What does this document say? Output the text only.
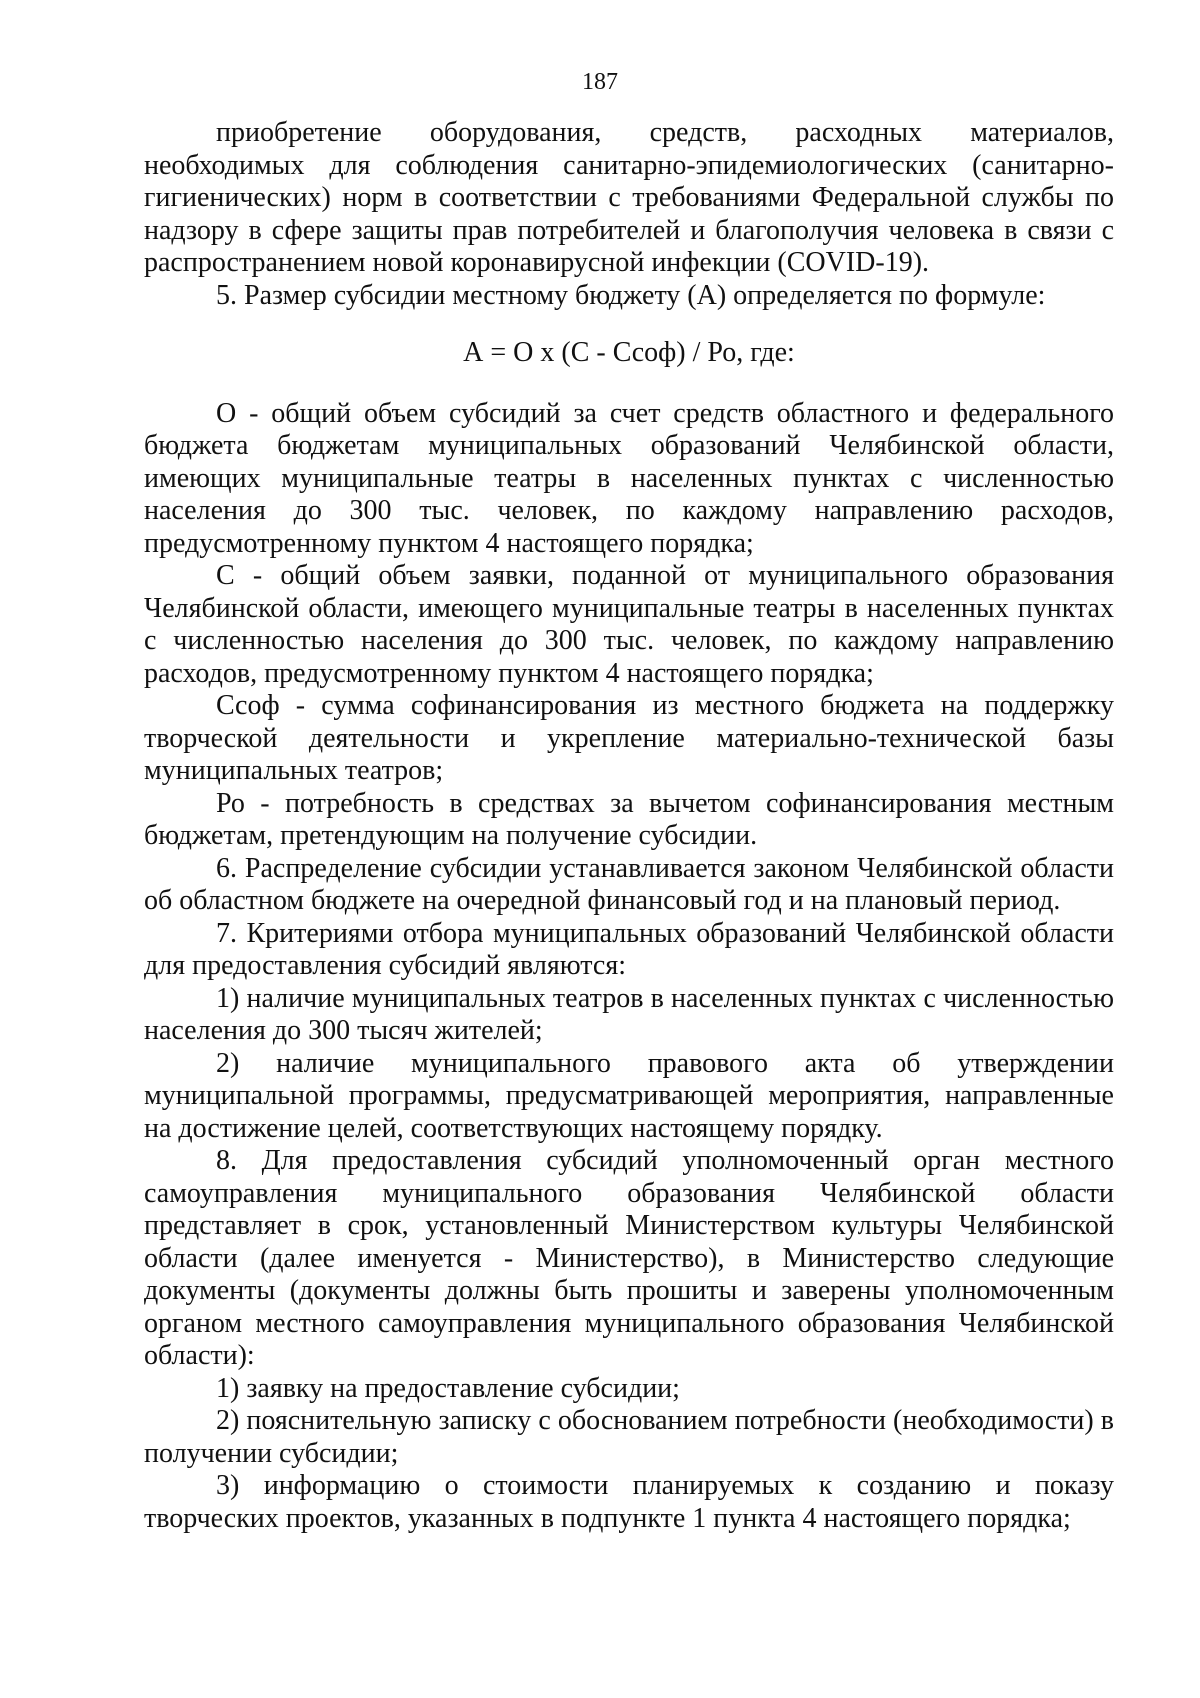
187

приобретение оборудования, средств, расходных материалов, необходимых для соблюдения санитарно-эпидемиологических (санитарно-гигиенических) норм в соответствии с требованиями Федеральной службы по надзору в сфере защиты прав потребителей и благополучия человека в связи с распространением новой коронавирусной инфекции (COVID-19).

5. Размер субсидии местному бюджету (А) определяется по формуле:

А = О х (С - Ссоф) / Ро, где:

О - общий объем субсидий за счет средств областного и федерального бюджета бюджетам муниципальных образований Челябинской области, имеющих муниципальные театры в населенных пунктах с численностью населения до 300 тыс. человек, по каждому направлению расходов, предусмотренному пунктом 4 настоящего порядка;

С - общий объем заявки, поданной от муниципального образования Челябинской области, имеющего муниципальные театры в населенных пунктах с численностью населения до 300 тыс. человек, по каждому направлению расходов, предусмотренному пунктом 4 настоящего порядка;

Ссоф - сумма софинансирования из местного бюджета на поддержку творческой деятельности и укрепление материально-технической базы муниципальных театров;

Ро - потребность в средствах за вычетом софинансирования местным бюджетам, претендующим на получение субсидии.

6. Распределение субсидии устанавливается законом Челябинской области об областном бюджете на очередной финансовый год и на плановый период.

7. Критериями отбора муниципальных образований Челябинской области для предоставления субсидий являются:

1) наличие муниципальных театров в населенных пунктах с численностью населения до 300 тысяч жителей;

2) наличие муниципального правового акта об утверждении муниципальной программы, предусматривающей мероприятия, направленные на достижение целей, соответствующих настоящему порядку.

8. Для предоставления субсидий уполномоченный орган местного самоуправления муниципального образования Челябинской области представляет в срок, установленный Министерством культуры Челябинской области (далее именуется - Министерство), в Министерство следующие документы (документы должны быть прошиты и заверены уполномоченным органом местного самоуправления муниципального образования Челябинской области):

1) заявку на предоставление субсидии;

2) пояснительную записку с обоснованием потребности (необходимости) в получении субсидии;

3) информацию о стоимости планируемых к созданию и показу творческих проектов, указанных в подпункте 1 пункта 4 настоящего порядка;
